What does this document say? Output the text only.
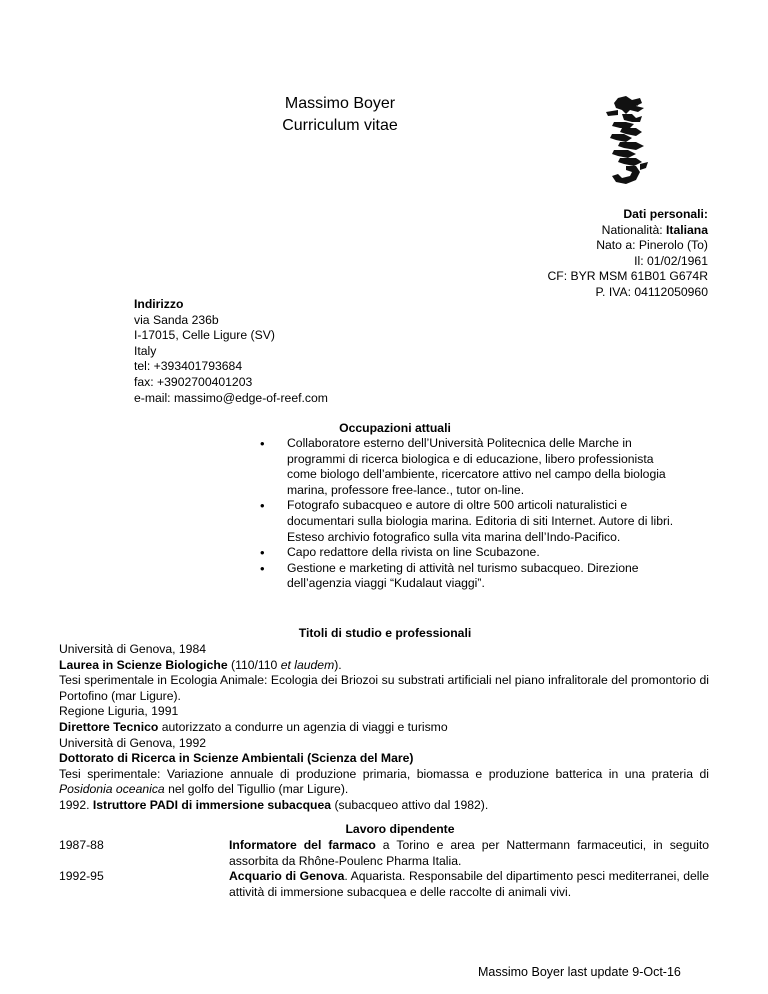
Massimo Boyer
Curriculum vitae
Dati personali:
Nationalità: Italiana
Nato a: Pinerolo (To)
Il: 01/02/1961
CF: BYR MSM 61B01 G674R
P. IVA: 04112050960
Indirizzo
via Sanda 236b
I-17015, Celle Ligure (SV)
Italy
tel: +393401793684
fax: +3902700401203
e-mail: massimo@edge-of-reef.com
Occupazioni attuali
• Collaboratore esterno dell’Università Politecnica delle Marche in programmi di ricerca biologica e di educazione, libero professionista come biologo dell’ambiente, ricercatore attivo nel campo della biologia marina, professore free-lance., tutor on-line.
• Fotografo subacqueo e autore di oltre 500 articoli naturalistici e documentari sulla biologia marina. Editoria di siti Internet. Autore di libri. Esteso archivio fotografico sulla vita marina dell’Indo-Pacifico.
• Capo redattore della rivista on line Scubazone.
• Gestione e marketing di attività nel turismo subacqueo. Direzione dell’agenzia viaggi “Kudalaut viaggi”.
Titoli di studio e professionali

Università di Genova, 1984

Laurea in Scienze Biologiche (110/110 et laudem).

Tesi sperimentale in Ecologia Animale: Ecologia dei Briozoi su substrati artificiali nel piano infralitorale del promontorio di Portofino (mar Ligure).

Regione Liguria, 1991

Direttore Tecnico autorizzato a condurre un agenzia di viaggi e turismo

Università di Genova, 1992

Dottorato di Ricerca in Scienze Ambientali (Scienza del Mare)

Tesi sperimentale: Variazione annuale di produzione primaria, biomassa e produzione batterica in una prateria di Posidonia oceanica nel golfo del Tigullio (mar Ligure).

1992. Istruttore PADI di immersione subacquea (subacqueo attivo dal 1982).

Lavoro dipendente
1987-88	Informatore del farmaco a Torino e area per Nattermann farmaceutici, in seguito assorbita da Rhône-Poulenc Pharma Italia.
1992-95	Acquario di Genova. Aquarista. Responsabile del dipartimento pesci mediterranei, delle attività di immersione subacquea e delle raccolte di animali vivi.
Massimo Boyer last update 9-Oct-16
